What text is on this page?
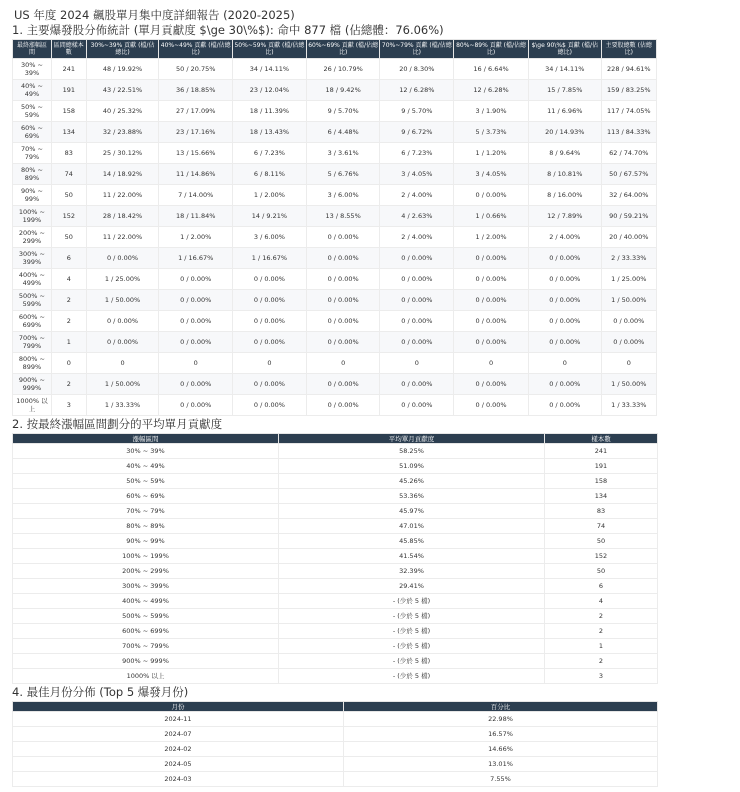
US 年度 2024 飆股單月集中度詳細報告 (2020-2025)
1. 主要爆發股分佈統計 (單月貢獻度 $\ge 30\%$): 命中 877 檔 (佔總體：76.06%)
最終漲幅區間	區間總樣本數	30%~39% 貢獻 (檔/佔總比)	40%~49% 貢獻 (檔/佔總比)	50%~59% 貢獻 (檔/佔總比)	60%~69% 貢獻 (檔/佔總比)	70%~79% 貢獻 (檔/佔總比)	80%~89% 貢獻 (檔/佔總比)	$\ge 90\%$ 貢獻 (檔/佔總比)	主要股總數 (佔總比)
30% ~ 39%	241	48 / 19.92%	50 / 20.75%	34 / 14.11%	26 / 10.79%	20 / 8.30%	16 / 6.64%	34 / 14.11%	228 / 94.61%
40% ~ 49%	191	43 / 22.51%	36 / 18.85%	23 / 12.04%	18 / 9.42%	12 / 6.28%	12 / 6.28%	15 / 7.85%	159 / 83.25%
50% ~ 59%	158	40 / 25.32%	27 / 17.09%	18 / 11.39%	9 / 5.70%	9 / 5.70%	3 / 1.90%	11 / 6.96%	117 / 74.05%
60% ~ 69%	134	32 / 23.88%	23 / 17.16%	18 / 13.43%	6 / 4.48%	9 / 6.72%	5 / 3.73%	20 / 14.93%	113 / 84.33%
70% ~ 79%	83	25 / 30.12%	13 / 15.66%	6 / 7.23%	3 / 3.61%	6 / 7.23%	1 / 1.20%	8 / 9.64%	62 / 74.70%
80% ~ 89%	74	14 / 18.92%	11 / 14.86%	6 / 8.11%	5 / 6.76%	3 / 4.05%	3 / 4.05%	8 / 10.81%	50 / 67.57%
90% ~ 99%	50	11 / 22.00%	7 / 14.00%	1 / 2.00%	3 / 6.00%	2 / 4.00%	0 / 0.00%	8 / 16.00%	32 / 64.00%
100% ~ 199%	152	28 / 18.42%	18 / 11.84%	14 / 9.21%	13 / 8.55%	4 / 2.63%	1 / 0.66%	12 / 7.89%	90 / 59.21%
200% ~ 299%	50	11 / 22.00%	1 / 2.00%	3 / 6.00%	0 / 0.00%	2 / 4.00%	1 / 2.00%	2 / 4.00%	20 / 40.00%
300% ~ 399%	6	0 / 0.00%	1 / 16.67%	1 / 16.67%	0 / 0.00%	0 / 0.00%	0 / 0.00%	0 / 0.00%	2 / 33.33%
400% ~ 499%	4	1 / 25.00%	0 / 0.00%	0 / 0.00%	0 / 0.00%	0 / 0.00%	0 / 0.00%	0 / 0.00%	1 / 25.00%
500% ~ 599%	2	1 / 50.00%	0 / 0.00%	0 / 0.00%	0 / 0.00%	0 / 0.00%	0 / 0.00%	0 / 0.00%	1 / 50.00%
600% ~ 699%	2	0 / 0.00%	0 / 0.00%	0 / 0.00%	0 / 0.00%	0 / 0.00%	0 / 0.00%	0 / 0.00%	0 / 0.00%
700% ~ 799%	1	0 / 0.00%	0 / 0.00%	0 / 0.00%	0 / 0.00%	0 / 0.00%	0 / 0.00%	0 / 0.00%	0 / 0.00%
800% ~ 899%	0	0	0	0	0	0	0	0	0
900% ~ 999%	2	1 / 50.00%	0 / 0.00%	0 / 0.00%	0 / 0.00%	0 / 0.00%	0 / 0.00%	0 / 0.00%	1 / 50.00%
1000% 以上	3	1 / 33.33%	0 / 0.00%	0 / 0.00%	0 / 0.00%	0 / 0.00%	0 / 0.00%	0 / 0.00%	1 / 33.33%
2. 按最終漲幅區間劃分的平均單月貢獻度
漲幅區間	平均單月貢獻度	樣本數
30% ~ 39%	58.25%	241
40% ~ 49%	51.09%	191
50% ~ 59%	45.26%	158
60% ~ 69%	53.36%	134
70% ~ 79%	45.97%	83
80% ~ 89%	47.01%	74
90% ~ 99%	45.85%	50
100% ~ 199%	41.54%	152
200% ~ 299%	32.39%	50
300% ~ 399%	29.41%	6
400% ~ 499%	- (少於 5 檔)	4
500% ~ 599%	- (少於 5 檔)	2
600% ~ 699%	- (少於 5 檔)	2
700% ~ 799%	- (少於 5 檔)	1
900% ~ 999%	- (少於 5 檔)	2
1000% 以上	- (少於 5 檔)	3
4. 最佳月份分佈 (Top 5 爆發月份)
月份	百分比
2024-11	22.98%
2024-07	16.57%
2024-02	14.66%
2024-05	13.01%
2024-03	7.55%
